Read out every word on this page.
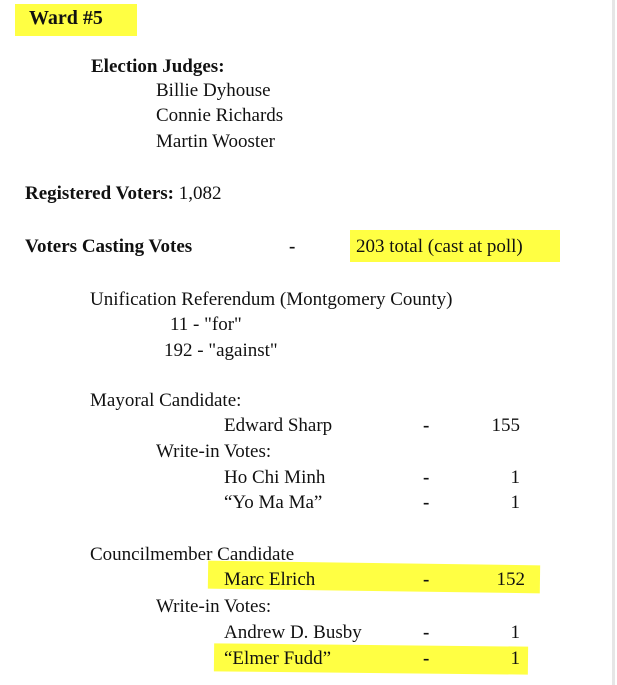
Ward #5
Election Judges:
Billie Dyhouse
Connie Richards
Martin Wooster
Registered Voters: 1,082
Voters Casting Votes	-	203 total (cast at poll)
Unification Referendum (Montgomery County)
11 - "for"
192 - "against"
Mayoral Candidate:
Edward Sharp	-	155
Write-in Votes:
Ho Chi Minh	-	1
“Yo Ma Ma”	-	1
Councilmember Candidate
Marc Elrich	-	152
Write-in Votes:
Andrew D. Busby	-	1
“Elmer Fudd”	-	1
